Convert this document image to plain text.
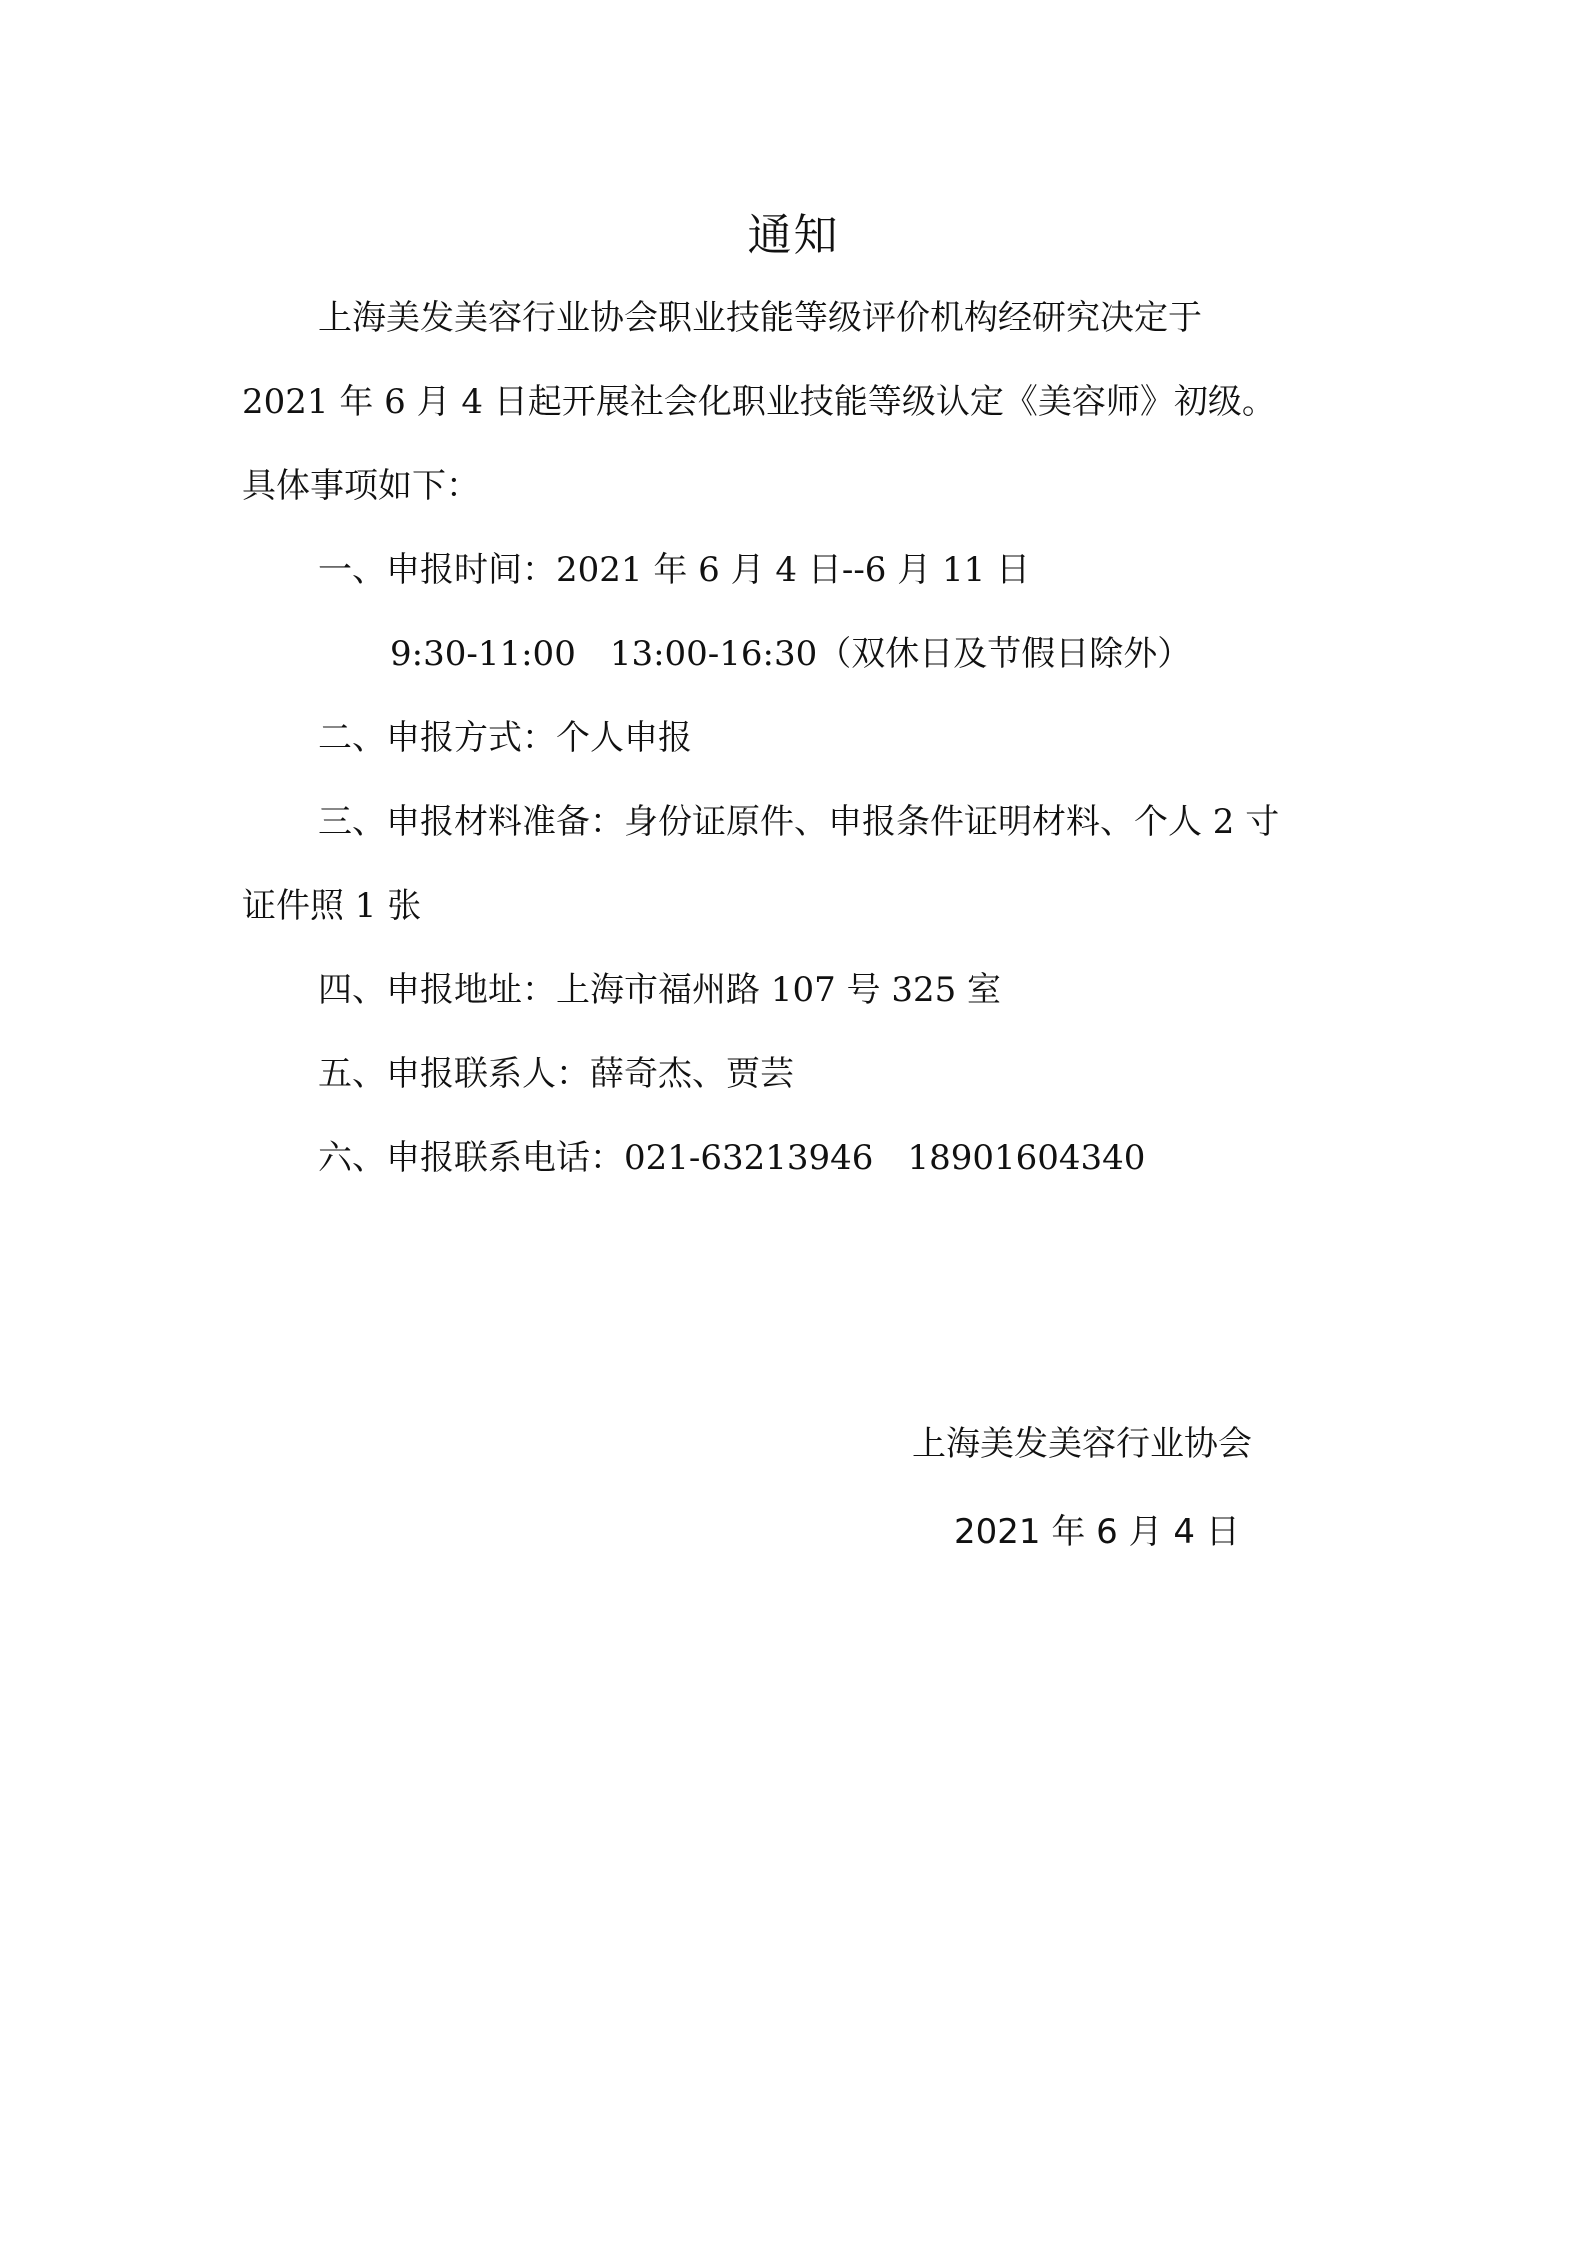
通知
上海美发美容行业协会职业技能等级评价机构经研究决定于
2021 年 6 月 4 日起开展社会化职业技能等级认定《美容师》初级。
具体事项如下：
一、申报时间：2021 年 6 月 4 日--6 月 11 日
9:30-11:00　13:00-16:30（双休日及节假日除外）
二、申报方式：个人申报
三、申报材料准备：身份证原件、申报条件证明材料、个人 2 寸
证件照 1 张
四、申报地址：上海市福州路 107 号 325 室
五、申报联系人：薛奇杰、贾芸
六、申报联系电话：021-63213946　18901604340
上海美发美容行业协会
2021 年 6 月 4 日
